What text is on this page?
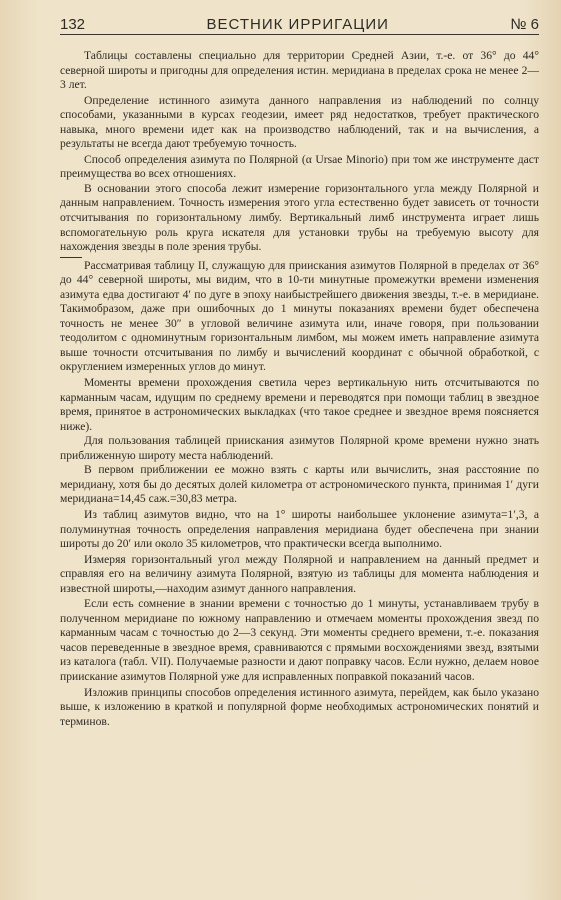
132	ВЕСТНИК ИРРИГАЦИИ	№ 6

Таблицы составлены специально для территории Средней Азии, т.-е. от 36° до 44° северной широты и пригодны для определения истин. меридиана в пределах срока не менее 2—3 лет.

Определение истинного азимута данного направления из наблюдений по солнцу способами, указанными в курсах геодезии, имеет ряд недостатков, требует практического навыка, много времени идет как на производство наблюдений, так и на вычисления, а результаты не всегда дают требуемую точность.

Способ определения азимута по Полярной (α Ursae Minorio) при том же инструменте даст преимущества во всех отношениях.

В основании этого способа лежит измерение горизонтального угла между Полярной и данным направлением. Точность измерения этого угла естественно будет зависеть от точности отсчитывания по горизонтальному лимбу. Вертикальный лимб инструмента играет лишь вспомогательную роль круга искателя для установки трубы на требуемую высоту для нахождения звезды в поле зрения трубы.

Рассматривая таблицу II, служащую для приискания азимутов Полярной в пределах от 36° до 44° северной широты, мы видим, что в 10-ти минутные промежутки времени изменения азимута едва достигают 4′ по дуге в эпоху наибыстрейшего движения звезды, т.-е. в меридиане. Такимобразом, даже при ошибочных до 1 минуты показаниях времени будет обеспечена точность не менее 30″ в угловой величине азимута или, иначе говоря, при пользовании теодолитом с одноминутным горизонтальным лимбом, мы можем иметь направление азимута выше точности отсчитывания по лимбу и вычислений координат с обычной обработкой, с округлением измеренных углов до минут.

Моменты времени прохождения светила через вертикальную нить отсчитываются по карманным часам, идущим по среднему времени и переводятся при помощи таблиц в звездное время, принятое в астрономических выкладках (что такое среднее и звездное время поясняется ниже).

Для пользования таблицей приискания азимутов Полярной кроме времени нужно знать приближенную широту места наблюдений.

В первом приближении ее можно взять с карты или вычислить, зная расстояние по меридиану, хотя бы до десятых долей километра от астрономического пункта, принимая 1′ дуги меридиана=14,45 саж.=30,83 метра.

Из таблиц азимутов видно, что на 1° широты наибольшее уклонение азимута=1′,3, а полуминутная точность определения направления меридиана будет обеспечена при знании широты до 20′ или около 35 километров, что практически всегда выполнимо.

Измеряя горизонтальный угол между Полярной и направлением на данный предмет и справляя его на величину азимута Полярной, взятую из таблицы для момента наблюдения и известной широты,—находим азимут данного направления.

Если есть сомнение в знании времени с точностью до 1 минуты, устанавливаем трубу в полученном меридиане по южному направлению и отмечаем моменты прохождения звезд по карманным часам с точностью до 2—3 секунд. Эти моменты среднего времени, т.-е. показания часов переведенные в звездное время, сравниваются с прямыми восхождениями звезд, взятыми из каталога (табл. VII). Получаемые разности и дают поправку часов. Если нужно, делаем новое приискание азимутов Полярной уже для исправленных поправкой показаний часов.

Изложив принципы способов определения истинного азимута, перейдем, как было указано выше, к изложению в краткой и популярной форме необходимых астрономических понятий и терминов.
